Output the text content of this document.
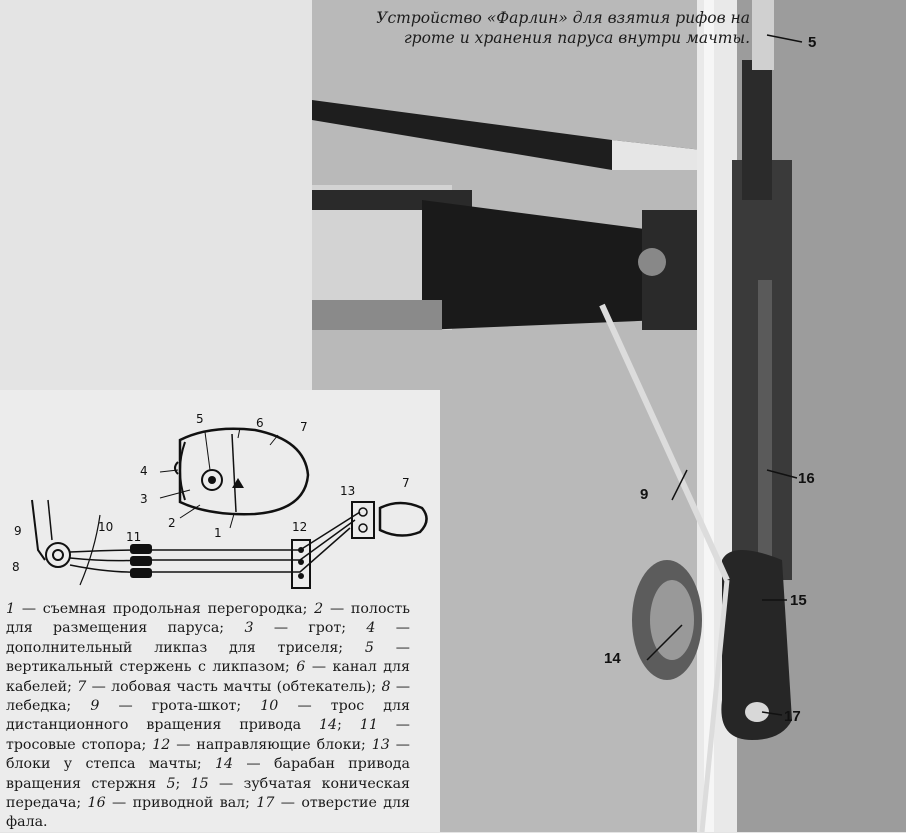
Устройство «Фарлин» для взятия рифов на
гроте и хранения паруса внутри мачты.	5
16
9
15
14
17
5	6	7
4
3
2
1
13
7
9	10
11
12
8
1 — съемная продольная перегородка; 2 — полость для размещения паруса; 3 — грот; 4 — дополнительный ликпаз для триселя; 5 — вертикальный стержень с ликпазом; 6 — канал для кабелей; 7 — лобовая часть мачты (обтекатель); 8 — лебедка; 9 — грота-шкот; 10 — трос для дистанционного вращения привода 14; 11 — тросовые стопора; 12 — направляющие блоки; 13 — блоки у степса мачты; 14 — барабан привода вращения стержня 5; 15 — зубчатая коническая передача; 16 — приводной вал; 17 — отверстие для фала.
